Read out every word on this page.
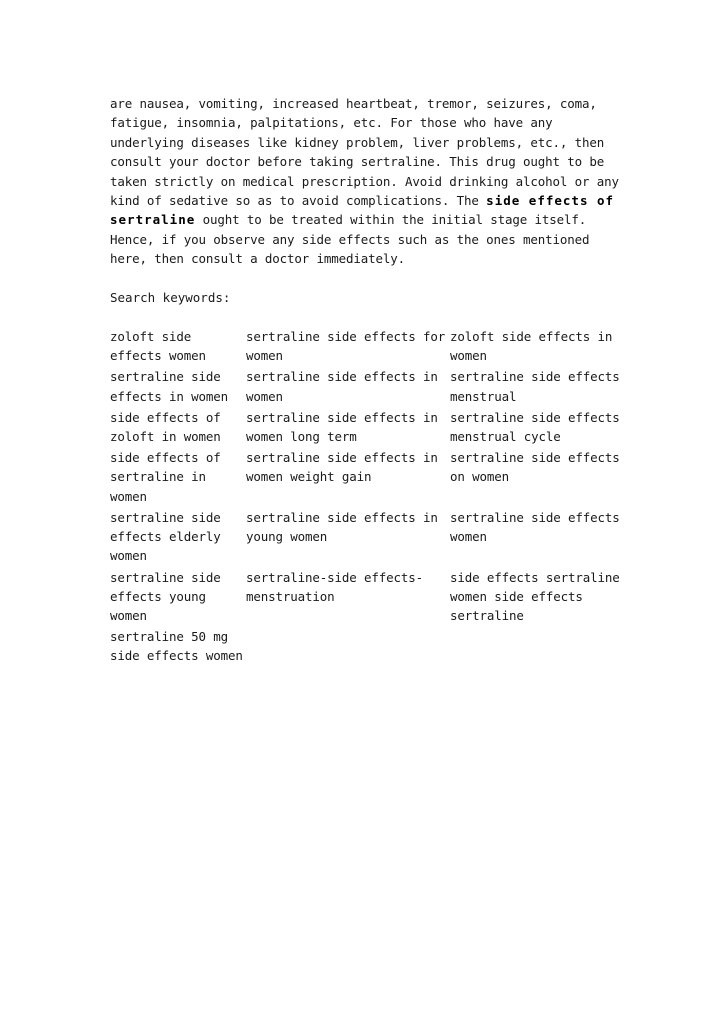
are nausea, vomiting, increased heartbeat, tremor, seizures, coma, fatigue, insomnia, palpitations, etc. For those who have any underlying diseases like kidney problem, liver problems, etc., then consult your doctor before taking sertraline. This drug ought to be taken strictly on medical prescription. Avoid drinking alcohol or any kind of sedative so as to avoid complications. The side effects of sertraline ought to be treated within the initial stage itself. Hence, if you observe any side effects such as the ones mentioned here, then consult a doctor immediately.

Search keywords:
zoloft side effects women
sertraline side effects for women
zoloft side effects in women
sertraline side effects in women
sertraline side effects in women
sertraline side effects menstrual
side effects of zoloft in women
sertraline side effects in women long term
sertraline side effects menstrual cycle
side effects of sertraline in women
sertraline side effects in women weight gain
sertraline side effects on women
sertraline side effects elderly women
sertraline side effects in young women
sertraline side effects women
sertraline side effects young women
sertraline-side effects-menstruation
side effects sertraline women side effects sertraline
sertraline 50 mg side effects women
